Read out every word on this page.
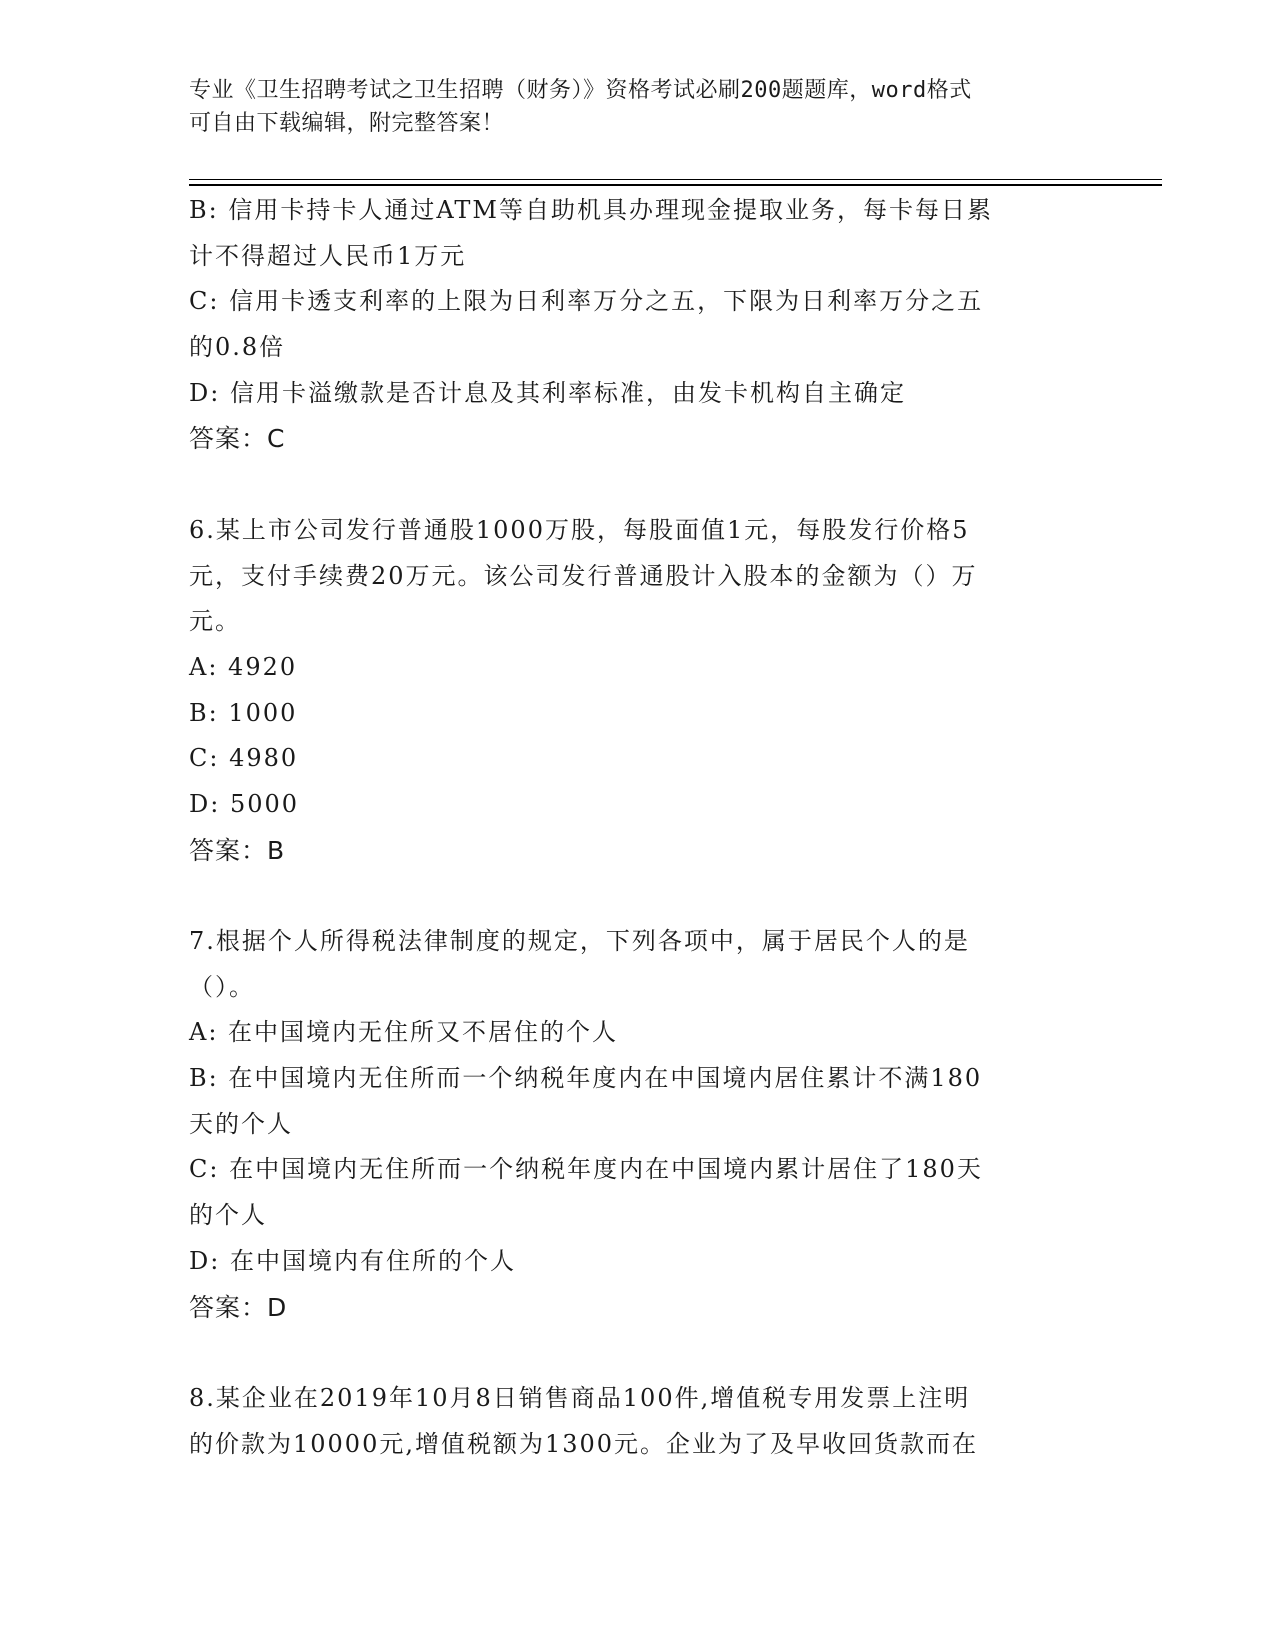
专业《卫生招聘考试之卫生招聘（财务）》资格考试必刷200题题库，word格式
可自由下载编辑，附完整答案！
B: 信用卡持卡人通过ATM等自助机具办理现金提取业务，每卡每日累
计不得超过人民币1万元
C: 信用卡透支利率的上限为日利率万分之五，下限为日利率万分之五
的0.8倍
D: 信用卡溢缴款是否计息及其利率标准，由发卡机构自主确定
答案：C
6.某上市公司发行普通股1000万股，每股面值1元，每股发行价格5
元，支付手续费20万元。该公司发行普通股计入股本的金额为（）万
元。
A: 4920
B: 1000
C: 4980
D: 5000
答案：B
7.根据个人所得税法律制度的规定，下列各项中，属于居民个人的是
（）。
A: 在中国境内无住所又不居住的个人
B: 在中国境内无住所而一个纳税年度内在中国境内居住累计不满180
天的个人
C: 在中国境内无住所而一个纳税年度内在中国境内累计居住了180天
的个人
D: 在中国境内有住所的个人
答案：D
8.某企业在2019年10月8日销售商品100件,增值税专用发票上注明
的价款为10000元,增值税额为1300元。企业为了及早收回货款而在
